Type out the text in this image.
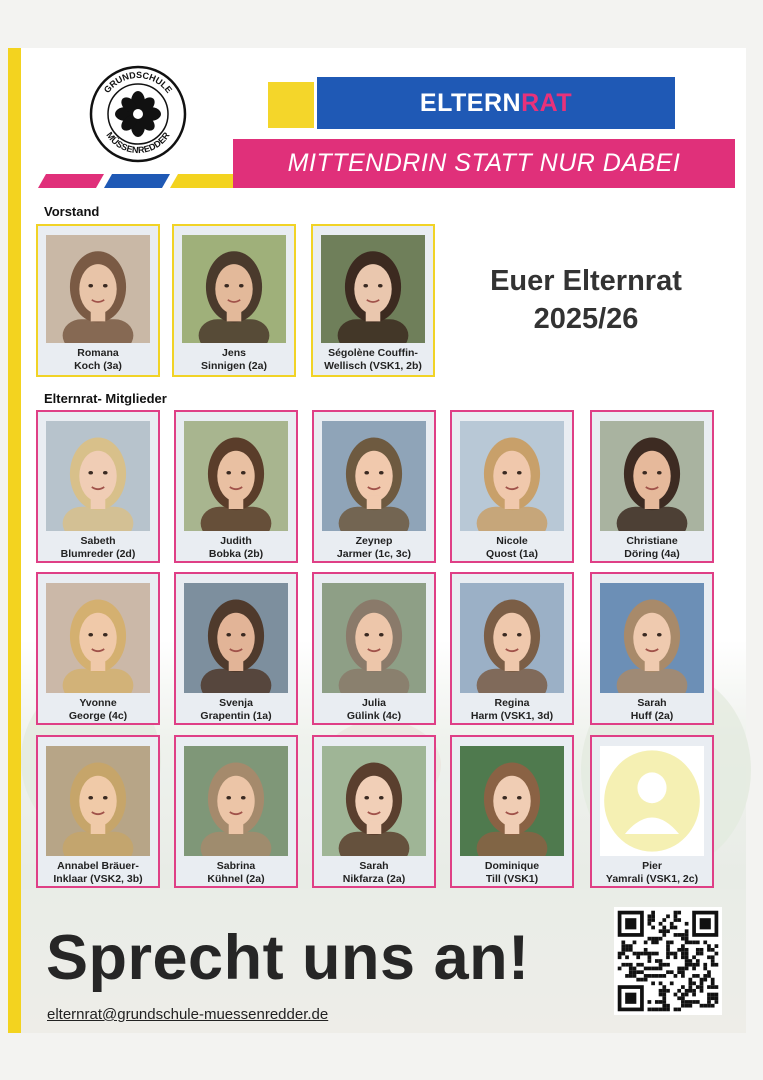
GRUNDSCHULE
MÜSSENREDDER
ELTERN RAT
MITTENDRIN STATT NUR DABEI
Vorstand
Elternrat- Mitglieder
Euer Elternrat
2025/26
Romana
Koch (3a)
Jens
Sinnigen (2a)
Ségolène Couffin-
Wellisch (VSK1, 2b)
Sabeth
Blumreder (2d)
Judith
Bobka (2b)
Zeynep
Jarmer (1c, 3c)
Nicole
Quost (1a)
Christiane
Döring (4a)
Yvonne
George (4c)
Svenja
Grapentin (1a)
Julia
Gülink (4c)
Regina
Harm (VSK1, 3d)
Sarah
Huff (2a)
Annabel Bräuer-
Inklaar (VSK2, 3b)
Sabrina
Kühnel (2a)
Sarah
Nikfarza (2a)
Dominique
Till (VSK1)
Pier
Yamrali (VSK1, 2c)
Sprecht uns an!
elternrat@grundschule-muessenredder.de
